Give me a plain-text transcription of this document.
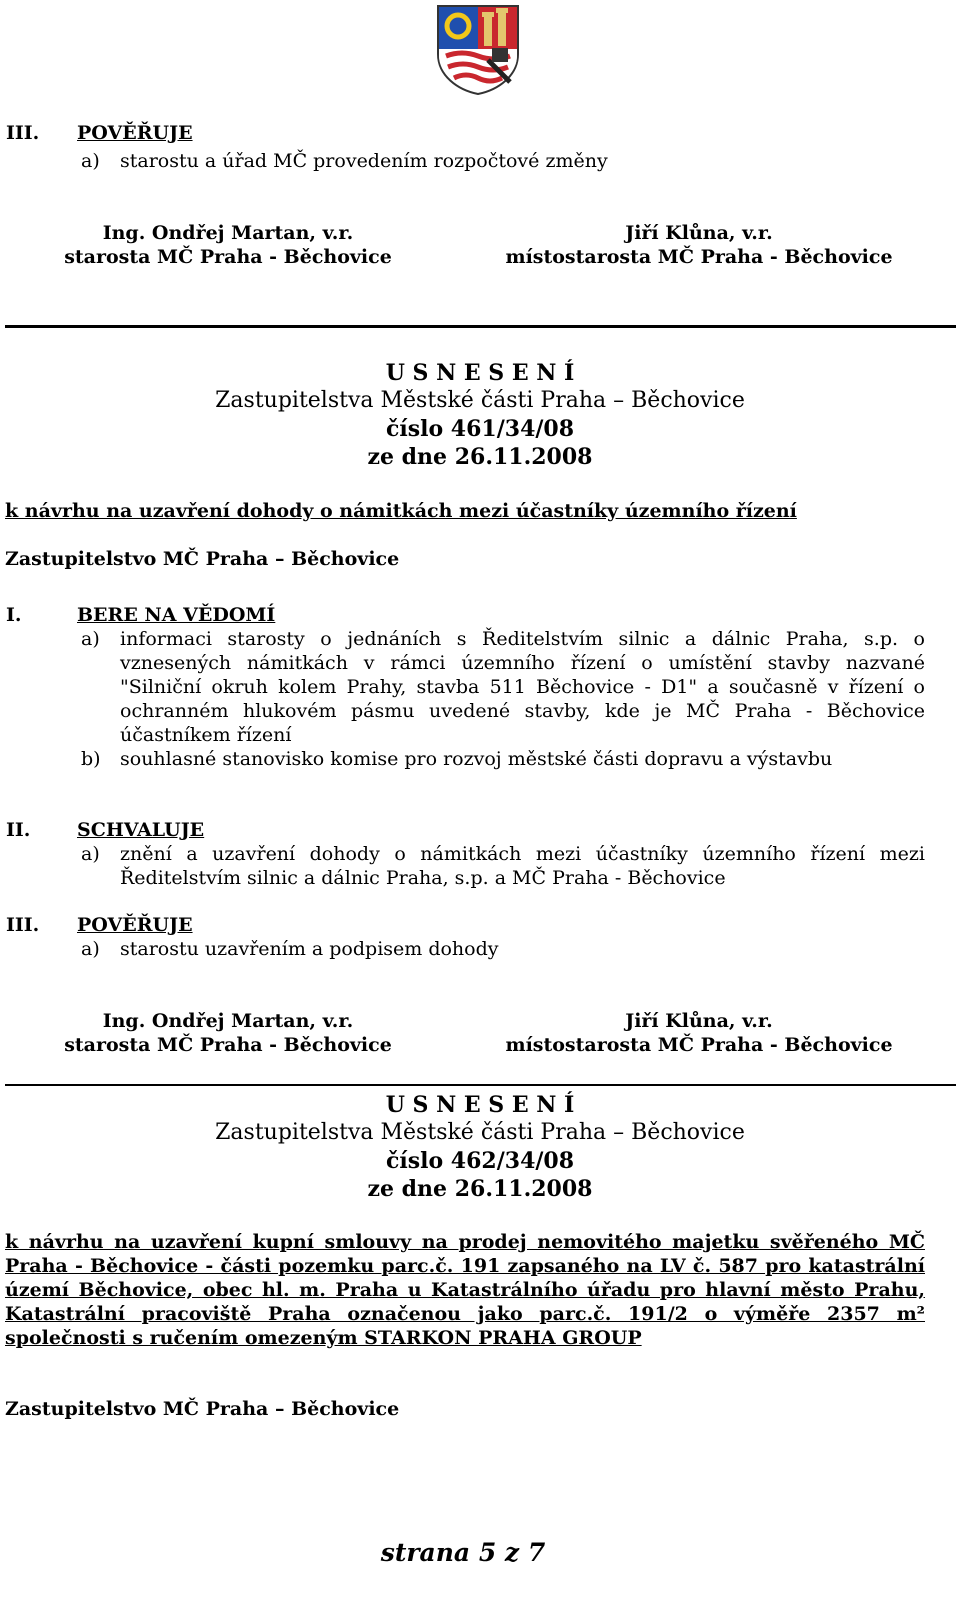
III. POVĚŘUJE
a) starostu a úřad MČ provedením rozpočtové změny
Ing. Ondřej Martan, v.r.
starosta MČ Praha - Běchovice
Jiří Klůna, v.r.
místostarosta MČ Praha - Běchovice
U S N E S E N Í
Zastupitelstva Městské části Praha – Běchovice
číslo 461/34/08
ze dne 26.11.2008
k návrhu na uzavření dohody o námitkách mezi účastníky územního řízení
Zastupitelstvo MČ Praha – Běchovice
I.	BERE NA VĚDOMÍ
a) informaci starosty o jednáních s Ředitelstvím silnic a dálnic Praha, s.p. o
vznesených námitkách v rámci územního řízení o umístění stavby nazvané
"Silniční okruh kolem Prahy, stavba 511 Běchovice - D1" a současně v řízení o
ochranném hlukovém pásmu uvedené stavby, kde je MČ Praha - Běchovice
účastníkem řízení
b) souhlasné stanovisko komise pro rozvoj městské části dopravu a výstavbu
II. SCHVALUJE
a) znění a uzavření dohody o námitkách mezi účastníky územního řízení mezi
Ředitelstvím silnic a dálnic Praha, s.p. a MČ Praha - Běchovice
III. POVĚŘUJE
a) starostu uzavřením a podpisem dohody
Ing. Ondřej Martan, v.r.
starosta MČ Praha - Běchovice
Jiří Klůna, v.r.
místostarosta MČ Praha - Běchovice
U S N E S E N Í
Zastupitelstva Městské části Praha – Běchovice
číslo 462/34/08
ze dne 26.11.2008
k návrhu na uzavření kupní smlouvy na prodej nemovitého majetku svěřeného MČ
Praha - Běchovice - části pozemku parc.č. 191 zapsaného na LV č. 587 pro katastrální
území Běchovice, obec hl. m. Praha u Katastrálního úřadu pro hlavní město Prahu,
Katastrální pracoviště Praha označenou jako parc.č. 191/2 o výměře 2357 m²
společnosti s ručením omezeným STARKON PRAHA GROUP
Zastupitelstvo MČ Praha – Běchovice
strana 5 z 7
